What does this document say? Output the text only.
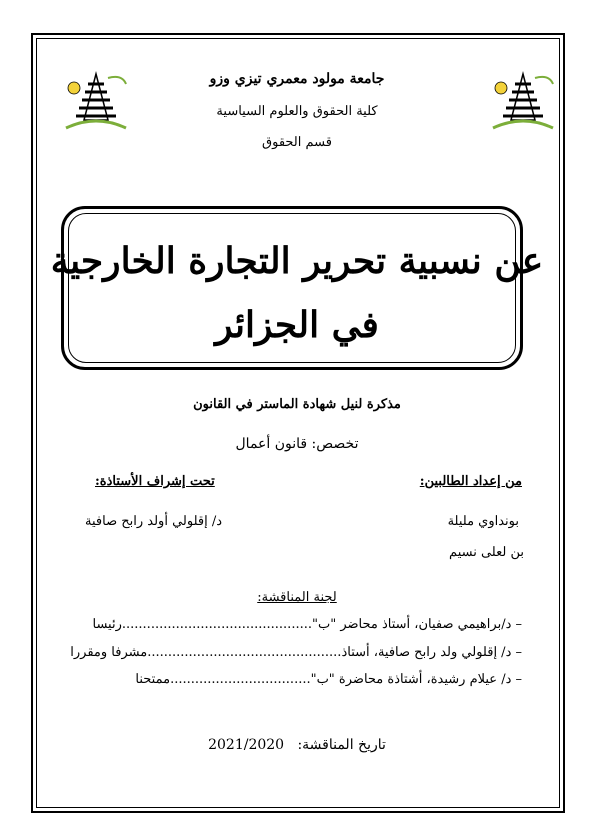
جامعة مولود معمري تيزي وزو
كلية الحقوق والعلوم السياسية
قسم الحقوق
عن نسبية تحرير التجارة الخارجية
في الجزائر
مذكرة لنيل شهادة الماستر في القانون
تخصص: قانون أعمال
من إعداد الطالبين:
تحت إشراف الأستاذة:
بونداوي مليلة
د/ إقلولي أولد رابح صافية
بن لعلى نسيم
لجنة المناقشة:
– د/براهيمي صفيان، أستاذ محاضر "ب"..............................................رئيسا
– د/ إقلولي ولد رابح صافية، أستاذ...............................................مشرفا ومقررا
– د/ عيلام رشيدة، أشتاذة محاضرة "ب"..................................ممتحنا
تاريخ المناقشة:   2021/2020
